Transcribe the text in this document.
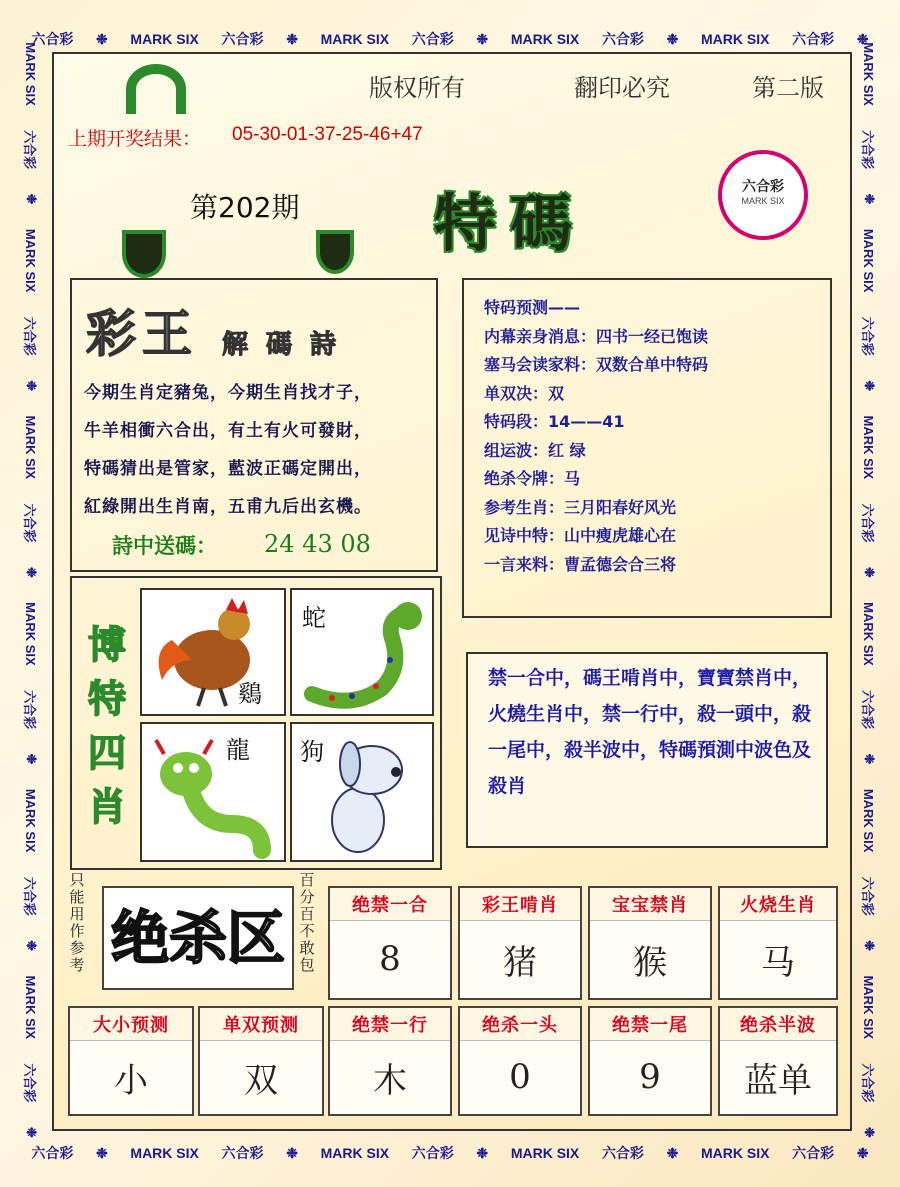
六合彩 ❉ MARK SIX 六合彩 ❉ MARK SIX 六合彩 ❉ MARK SIX 六合彩 ❉ MARK SIX 六合彩 ❉
六合彩 ❉ MARK SIX 六合彩 ❉ MARK SIX 六合彩 ❉ MARK SIX 六合彩 ❉ MARK SIX 六合彩 ❉
MARK SIX
六合彩
❉
MARK SIX
六合彩
❉
MARK SIX
六合彩
❉
MARK SIX
六合彩
❉
MARK SIX
六合彩
❉
MARK SIX
六合彩
❉
MARK SIX
六合彩
❉
MARK SIX
六合彩
❉
MARK SIX
六合彩
❉
MARK SIX
六合彩
❉
MARK SIX
六合彩
❉
MARK SIX
六合彩
❉
版权所有	翻印必究	第二版
上期开奖结果： 05-30-01-37-25-46+47
第202期 特碼
六合彩
MARK SIX
彩王 解碼詩
今期生肖定豬兔，今期生肖找才子，
牛羊相衝六合出，有土有火可發財，
特碼猜出是管家，藍波正碼定開出，
紅綠開出生肖南，五甫九后出玄機。
詩中送碼： 24 43 08
特码预测——
内幕亲身消息：四书一经已饱读
塞马会读家料：双数合单中特码
单双决：双
特码段：14——41
组运波：红 绿
绝杀令牌：马
参考生肖：三月阳春好风光
见诗中特：山中瘦虎雄心在
一言来料：曹孟德会合三将
博特四肖
鷄
蛇
龍 狗
禁一合中，碼王啃肖中，寶寶禁肖中，火燒生肖中，禁一行中，殺一頭中，殺一尾中，殺半波中，特碼預測中波色及殺肖
只能用作参考 绝杀区
百分百不敢包
绝禁一合
8
彩王啃肖
猪
宝宝禁肖
猴
火烧生肖
马
大小预测
小
单双预测
双
绝禁一行
木
绝杀一头
0
绝禁一尾
9
绝杀半波
蓝单
